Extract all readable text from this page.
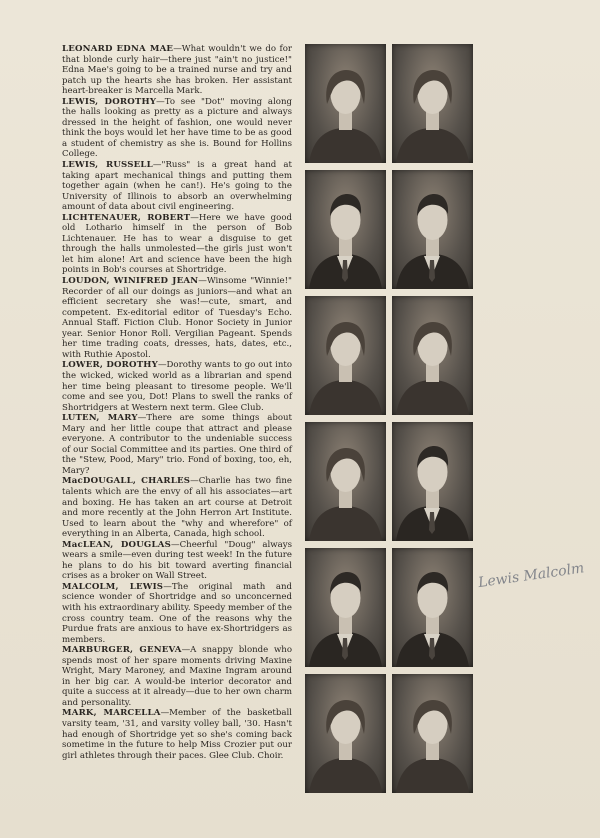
LEONARD EDNA MAE—What wouldn't we do for that blonde curly hair—there just "ain't no justice!" Edna Mae's going to be a trained nurse and try and patch up the hearts she has broken. Her assistant heart-breaker is Marcella Mark.

LEWIS, DOROTHY—To see "Dot" moving along the halls looking as pretty as a picture and always dressed in the height of fashion, one would never think the boys would let her have time to be as good a student of chemistry as she is. Bound for Hollins College.

LEWIS, RUSSELL—"Russ" is a great hand at taking apart mechanical things and putting them together again (when he can!). He's going to the University of Illinois to absorb an overwhelming amount of data about civil engineering.

LICHTENAUER, ROBERT—Here we have good old Lothario himself in the person of Bob Lichtenauer. He has to wear a disguise to get through the halls unmolested—the girls just won't let him alone! Art and science have been the high points in Bob's courses at Shortridge.

LOUDON, WINIFRED JEAN—Winsome "Winnie!" Recorder of all our doings as juniors—and what an efficient secretary she was!—cute, smart, and competent. Ex-editorial editor of Tuesday's Echo. Annual Staff. Fiction Club. Honor Society in Junior year. Senior Honor Roll. Vergilian Pageant. Spends her time trading coats, dresses, hats, dates, etc., with Ruthie Apostol.

LOWER, DOROTHY—Dorothy wants to go out into the wicked, wicked world as a librarian and spend her time being pleasant to tiresome people. We'll come and see you, Dot! Plans to swell the ranks of Shortridgers at Western next term. Glee Club.

LUTEN, MARY—There are some things about Mary and her little coupe that attract and please everyone. A contributor to the undeniable success of our Social Committee and its parties. One third of the "Stew, Pood, Mary" trio. Fond of boxing, too, eh, Mary?

MacDOUGALL, CHARLES—Charlie has two fine talents which are the envy of all his associates—art and boxing. He has taken an art course at Detroit and more recently at the John Herron Art Institute. Used to learn about the "why and wherefore" of everything in an Alberta, Canada, high school.

MacLEAN, DOUGLAS—Cheerful "Doug" always wears a smile—even during test week! In the future he plans to do his bit toward averting financial crises as a broker on Wall Street.

MALCOLM, LEWIS—The original math and science wonder of Shortridge and so unconcerned with his extraordinary ability. Speedy member of the cross country team. One of the reasons why the Purdue frats are anxious to have ex-Shortridgers as members.

MARBURGER, GENEVA—A snappy blonde who spends most of her spare moments driving Maxine Wright, Mary Maroney, and Maxine Ingram around in her big car. A would-be interior decorator and quite a success at it already—due to her own charm and personality.

MARK, MARCELLA—Member of the basketball varsity team, '31, and varsity volley ball, '30. Hasn't had enough of Shortridge yet so she's coming back sometime in the future to help Miss Crozier put our girl athletes through their paces. Glee Club. Choir.

Lewis Malcolm
